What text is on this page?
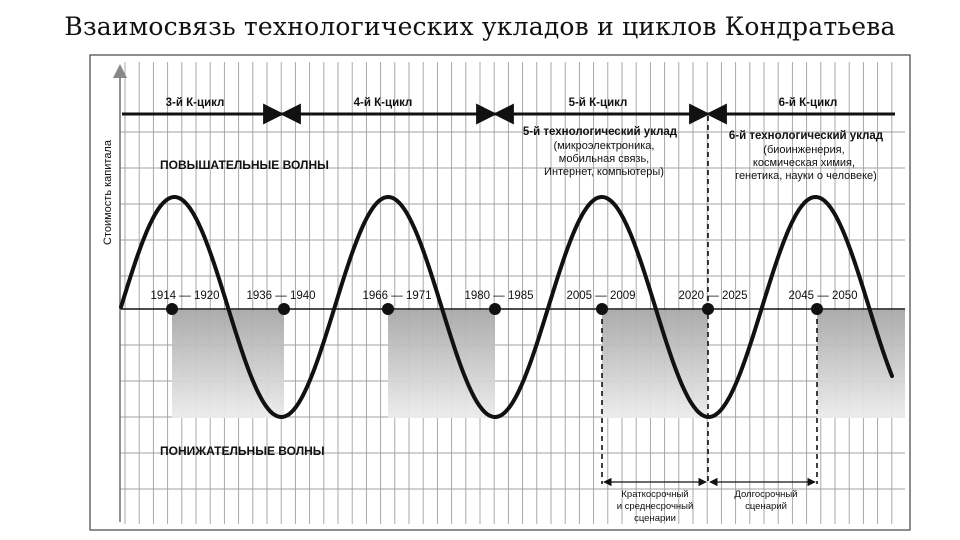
Взаимосвязь технологических укладов и циклов Кондратьева
Стоимость капитала
3-й К-цикл	4-й К-цикл	5-й К-цикл	6-й К-цикл
5-й технологический уклад
(микроэлектроника,
мобильная связь,
Интернет, компьютеры)
6-й технологический уклад
(биоинженерия,
космическая химия,
генетика, науки о человеке)
ПОВЫШАТЕЛЬНЫЕ ВОЛНЫ
ПОНИЖАТЕЛЬНЫЕ ВОЛНЫ
Краткосрочный
и среднесрочный
сценарии
Долгосрочный
сценарий
1914 — 1920 1936 — 1940	1966 — 1971	1980 — 1985	2005 — 2009	2020 — 2025	2045 — 2050
